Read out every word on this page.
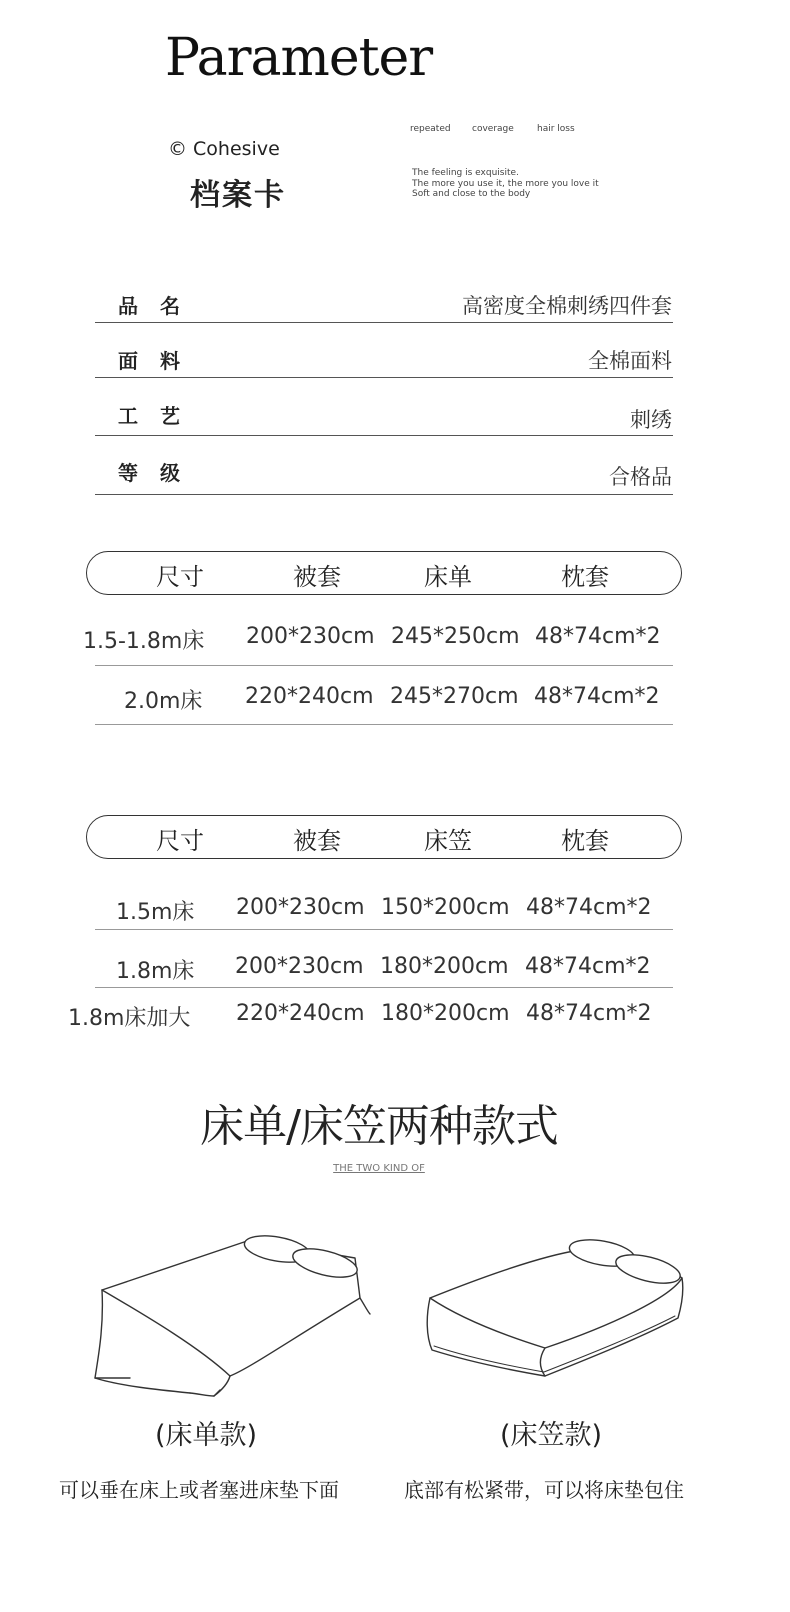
Parameter
© Cohesive
档案卡
repeated coverage	hair loss
The feeling is exquisite.
The more you use it, the more you love it
Soft and close to the body
品名	高密度全棉刺绣四件套
面料	全棉面料
工艺	刺绣
等级	合格品
尺寸	被套	床单	枕套
1.5-1.8m床 200*230cm 245*250cm 48*74cm*2
2.0m床 220*240cm 245*270cm 48*74cm*2
尺寸	被套	床笠	枕套
1.5m床 200*230cm 150*200cm 48*74cm*2
1.8m床 200*230cm 180*200cm 48*74cm*2
1.8m床加大 220*240cm 180*200cm 48*74cm*2
床单/床笠两种款式
THE TWO KIND OF
(床单款)	(床笠款)
可以垂在床上或者塞进床垫下面	底部有松紧带，可以将床垫包住
